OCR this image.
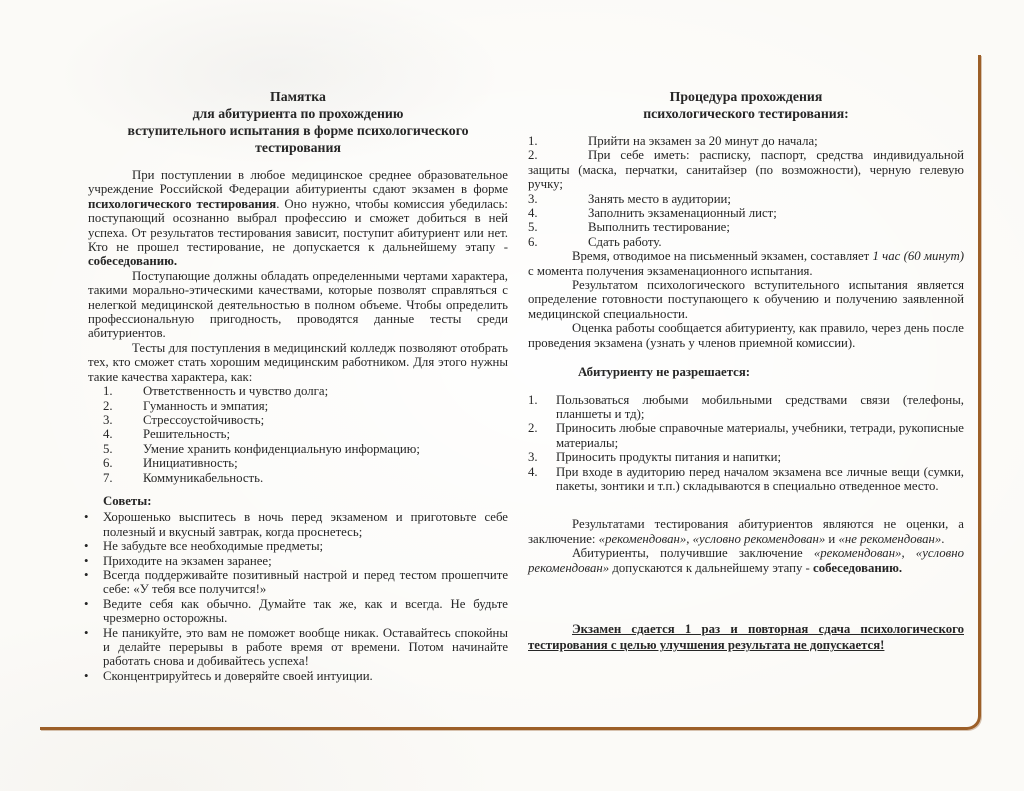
Памятка
для абитуриента по прохождению
вступительного испытания в форме психологического
тестирования

При поступлении в любое медицинское среднее образовательное учреждение Российской Федерации абитуриенты сдают экзамен в форме психологического тестирования. Оно нужно, чтобы комиссия убедилась: поступающий осознанно выбрал профессию и сможет добиться в ней успеха. От результатов тестирования зависит, поступит абитуриент или нет. Кто не прошел тестирование, не допускается к дальнейшему этапу - собеседованию.

Поступающие должны обладать определенными чертами характера, такими морально-этическими качествами, которые позволят справляться с нелегкой медицинской деятельностью в полном объеме. Чтобы определить профессиональную пригодность, проводятся данные тесты среди абитуриентов.

Тесты для поступления в медицинский колледж позволяют отобрать тех, кто сможет стать хорошим медицинским работником. Для этого нужны такие качества характера, как:

1. Ответственность и чувство долга;

2. Гуманность и эмпатия;

3. Стрессоустойчивость;

4. Решительность;

5. Умение хранить конфиденциальную информацию;

6. Инициативность;

7. Коммуникабельность.

Советы:

• Хорошенько выспитесь в ночь перед экзаменом и приготовьте себе полезный и вкусный завтрак, когда проснетесь;

• Не забудьте все необходимые предметы;

• Приходите на экзамен заранее;

• Всегда поддерживайте позитивный настрой и перед тестом прошепчите себе: «У тебя все получится!»

• Ведите себя как обычно. Думайте так же, как и всегда. Не будьте чрезмерно осторожны.

• Не паникуйте, это вам не поможет вообще никак. Оставайтесь спокойны и делайте перерывы в работе время от времени. Потом начинайте работать снова и добивайтесь успеха!

• Сконцентрируйтесь и доверяйте своей интуиции.

Процедура прохождения
психологического тестирования:

1.	Прийти на экзамен за 20 минут до начала;

2.	При себе иметь: расписку, паспорт, средства индивидуальной защиты (маска, перчатки, санитайзер (по возможности), черную гелевую ручку;

3.	Занять место в аудитории;

4.	Заполнить экзаменационный лист;

5.	Выполнить тестирование;

6.	Сдать работу.

Время, отводимое на письменный экзамен, составляет 1 час (60 минут) с момента получения экзаменационного испытания.

Результатом психологического вступительного испытания является определение готовности поступающего к обучению и получению заявленной медицинской специальности.

Оценка работы сообщается абитуриенту, как правило, через день после проведения экзамена (узнать у членов приемной комиссии).

Абитуриенту не разрешается:

1.	Пользоваться любыми мобильными средствами связи (телефоны, планшеты и тд);
2.	Приносить любые справочные материалы, учебники, тетради, рукописные материалы;
3.	Приносить продукты питания и напитки;
4.	При входе в аудиторию перед началом экзамена все личные вещи (сумки, пакеты, зонтики и т.п.) складываются в специально отведенное место.

Результатами тестирования абитуриентов являются не оценки, а заключение: «рекомендован», «условно рекомендован» и «не рекомендован».

Абитуриенты, получившие заключение «рекомендован», «условно рекомендован» допускаются к дальнейшему этапу - собеседованию.

Экзамен сдается 1 раз и повторная сдача психологического тестирования с целью улучшения результата не допускается!
